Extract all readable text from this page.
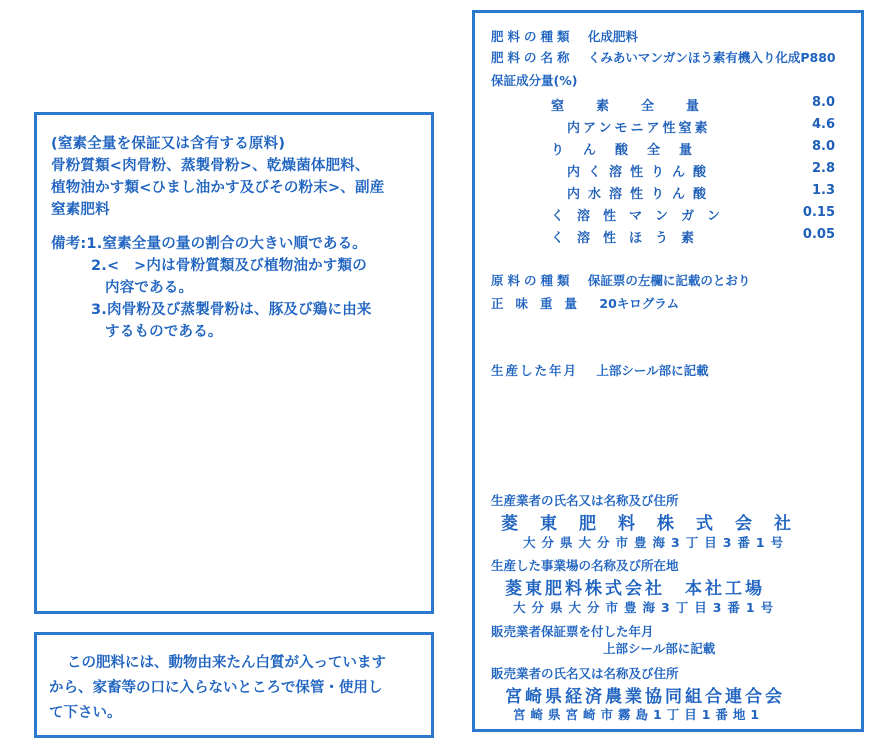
(窒素全量を保証又は含有する原料)
骨粉質類<肉骨粉、蒸製骨粉>、乾燥菌体肥料、
植物油かす類<ひまし油かす及びその粉末>、副産
窒素肥料
備考:1.窒素全量の量の割合の大きい順である。
2.<　>内は骨粉質類及び植物油かす類の
内容である。
3.肉骨粉及び蒸製骨粉は、豚及び鶏に由来
するものである。
この肥料には、動物由来たん白質が入っています
から、家畜等の口に入らないところで保管・使用し
て下さい。
肥料の種類 化成肥料
肥料の名称 くみあいマンガンほう素有機入り化成P880
保証成分量(%)
窒　　素　　全　　量	8.0
内アンモニア性窒素	4.6
り　ん　酸　全　量	8.0
内く溶性りん酸	2.8
内水溶性りん酸	1.3
く溶性マンガン	0.15
く　溶　性　ほ　う　素	0.05
原料の種類 保証票の左欄に記載のとおり
正味重量 20キログラム
生産した年月 上部シール部に記載
生産業者の氏名又は名称及び住所
菱東肥料株式会社
大分県大分市豊海3丁目3番1号
生産した事業場の名称及び所在地
菱東肥料株式会社　本社工場
大分県大分市豊海3丁目3番1号
販売業者保証票を付した年月
上部シール部に記載
販売業者の氏名又は名称及び住所
宮崎県経済農業協同組合連合会
宮崎県宮崎市霧島1丁目1番地1
